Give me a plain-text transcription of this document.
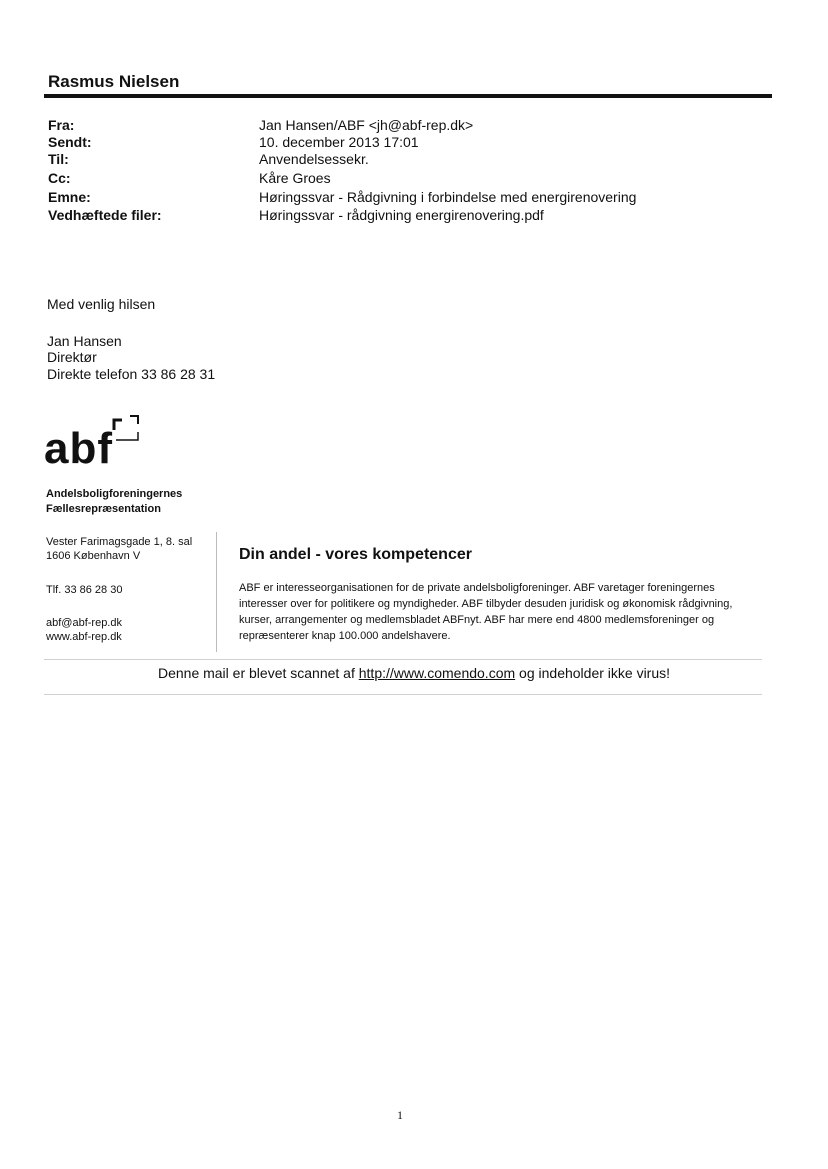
Rasmus Nielsen
Fra:	Jan Hansen/ABF <jh@abf-rep.dk>
Sendt:	10. december 2013 17:01
Til:	Anvendelsessekr.
Cc:	Kåre Groes
Emne:	Høringssvar - Rådgivning i forbindelse med energirenovering
Vedhæftede filer:	Høringssvar - rådgivning energirenovering.pdf
Med venlig hilsen
Jan Hansen
Direktør
Direkte telefon 33 86 28 31
abf
Andelsboligforeningernes
Fællesrepræsentation
Vester Farimagsgade 1, 8. sal
1606 København V
Tlf. 33 86 28 30
abf@abf-rep.dk
www.abf-rep.dk
Din andel - vores kompetencer
ABF er interesseorganisationen for de private andelsboligforeninger. ABF varetager foreningernes interesser over for politikere og myndigheder. ABF tilbyder desuden juridisk og økonomisk rådgivning, kurser, arrangementer og medlemsbladet ABFnyt. ABF har mere end 4800 medlemsforeninger og repræsenterer knap 100.000 andelshavere.
Denne mail er blevet scannet af http://www.comendo.com og indeholder ikke virus!
1
